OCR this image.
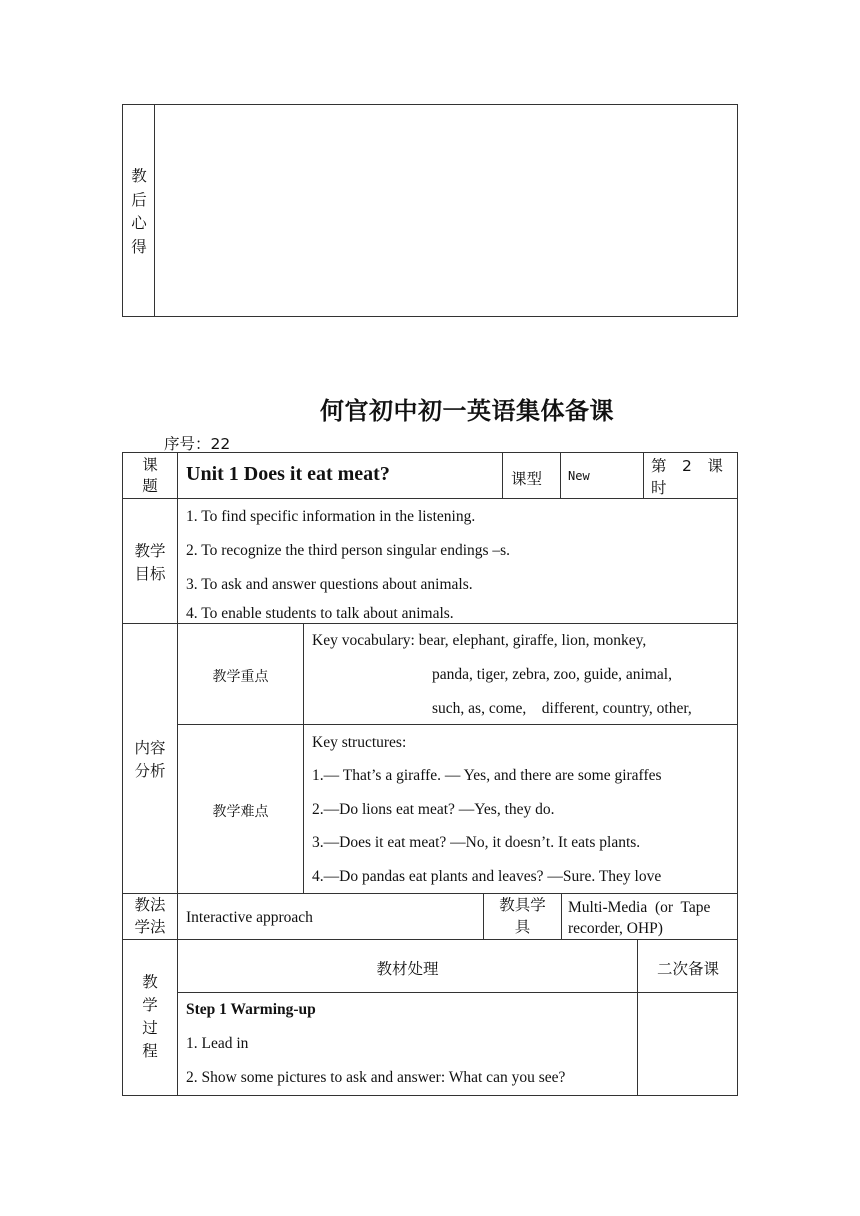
教
后
心
得
何官初中初一英语集体备课
序号：22
课
题
Unit 1 Does it eat meat?	课型 New
第　2　课
时
教学
目标
1. To find specific information in the listening.
2. To recognize the third person singular endings –s.
3. To ask and answer questions about animals.
4. To enable students to talk about animals.
内容
分析
教学重点
Key vocabulary: bear, elephant, giraffe, lion, monkey,
panda, tiger, zebra, zoo, guide, animal,
such, as, come,    different, country, other,
教学难点
Key structures:
1.— That’s a giraffe. — Yes, and there are some giraffes
2.—Do lions eat meat? —Yes, they do.
3.—Does it eat meat? —No, it doesn’t. It eats plants.
4.—Do pandas eat plants and leaves? —Sure. They love
教法
学法
Interactive approach
教具学
具
Multi-Media  (or  Tape
recorder, OHP)
教
学
过
程
教材处理	二次备课
Step 1 Warming-up
1. Lead in
2. Show some pictures to ask and answer: What can you see?
